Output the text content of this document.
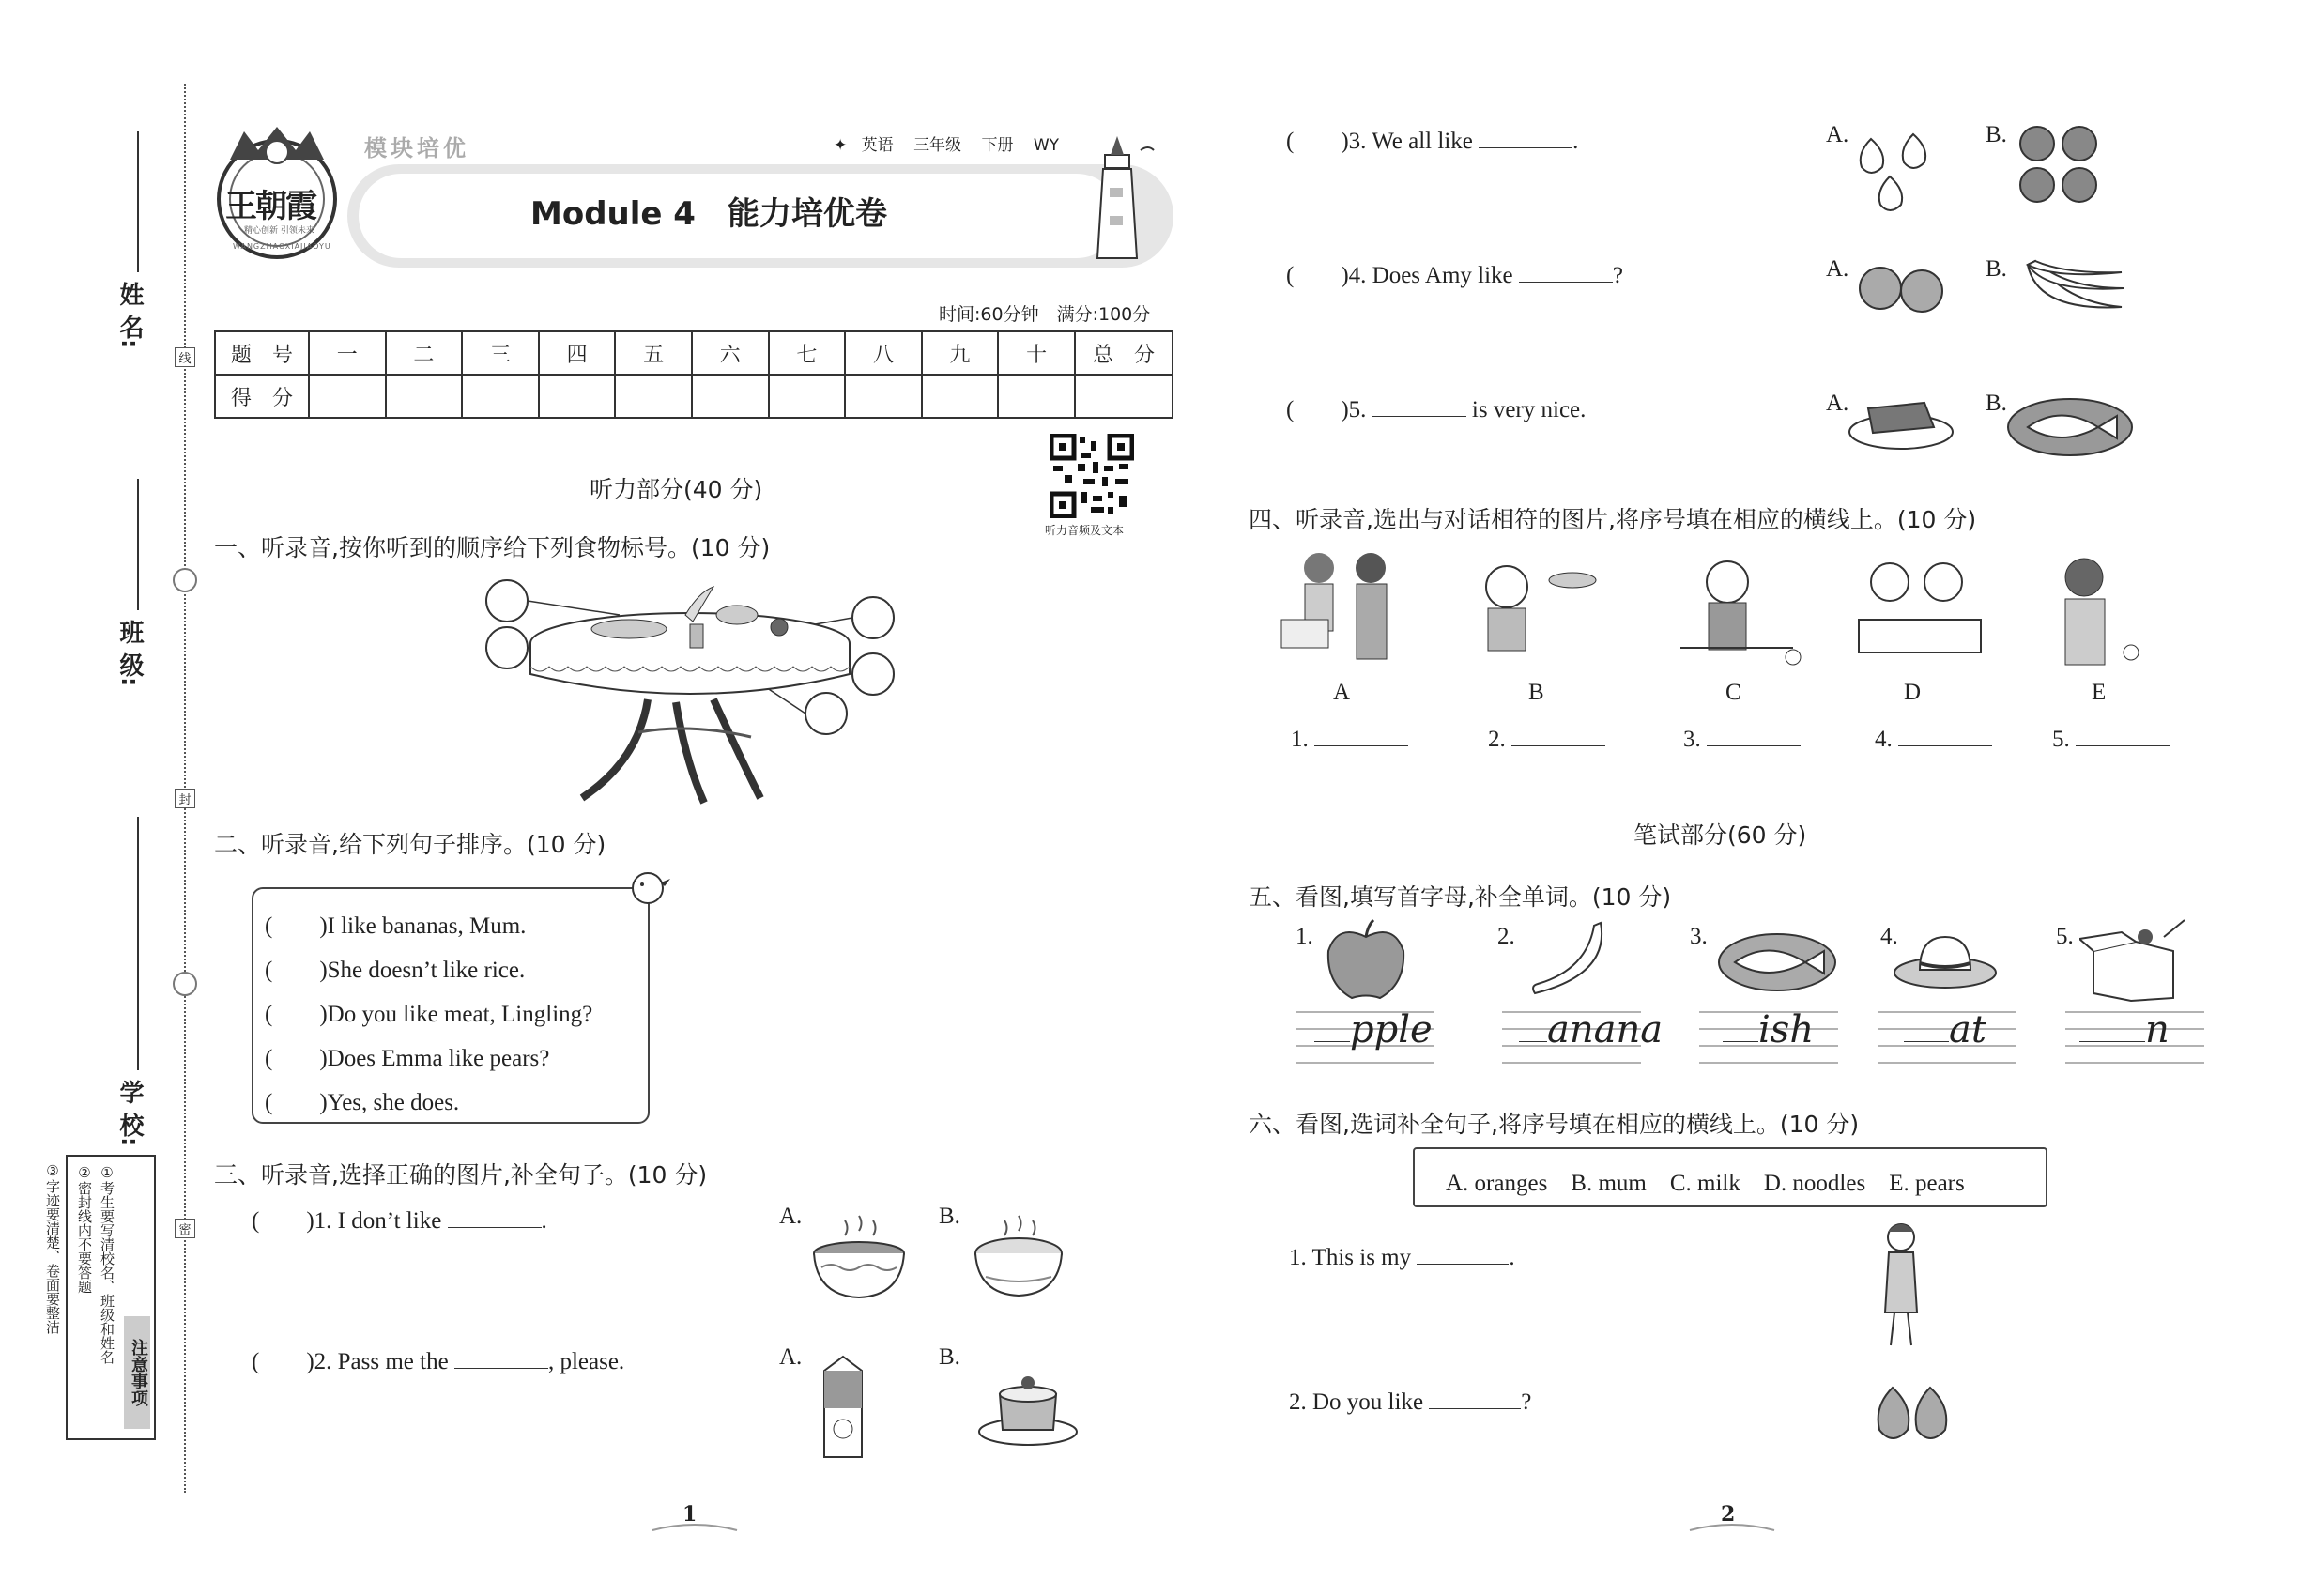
姓 名:
班 级:
学 校:
注意事项
①考生要写清校名、班级和姓名
②密封线内不要答题
③字迹要清楚、卷面要整洁
线
封
密
王朝霞
精心创新 引领未来
WANGZHAOXIAJIAOYU
模块培优	✦ 英语 三年级 下册 WY
Module 4　能力培优卷
时间:60分钟　满分:100分
题　号	一	二	三	四	五	六	七	八	九	十	总　分
得　分											
听力音频及文本
听力部分(40 分)
一、听录音,按你听到的顺序给下列食物标号。(10 分)
二、听录音,给下列句子排序。(10 分)
(　　)I like bananas, Mum.
(　　)She doesn’t like rice.
(　　)Do you like meat, Lingling?
(　　)Does Emma like pears?
(　　)Yes, she does.
三、听录音,选择正确的图片,补全句子。(10 分)
(　　)1. I don’t like	.	A.	B.
(　　)2. Pass me the	, please.	A.	B.
(　　)3. We all like	.	A.	B.
(　　)4. Does Amy like	?	A.	B.
(　　)5.	is very nice.	A.	B.
四、听录音,选出与对话相符的图片,将序号填在相应的横线上。(10 分)
A	B	C	D	E
1.	2.	3.	4.	5.
笔试部分(60 分)
五、看图,填写首字母,补全单词。(10 分)
1.	2.	3.	4.	5.
pple	anana	ish	at	n
六、看图,选词补全句子,将序号填在相应的横线上。(10 分)
A. oranges　B. mum　C. milk　D. noodles　E. pears
1. This is my	.
2. Do you like	?
1	2
